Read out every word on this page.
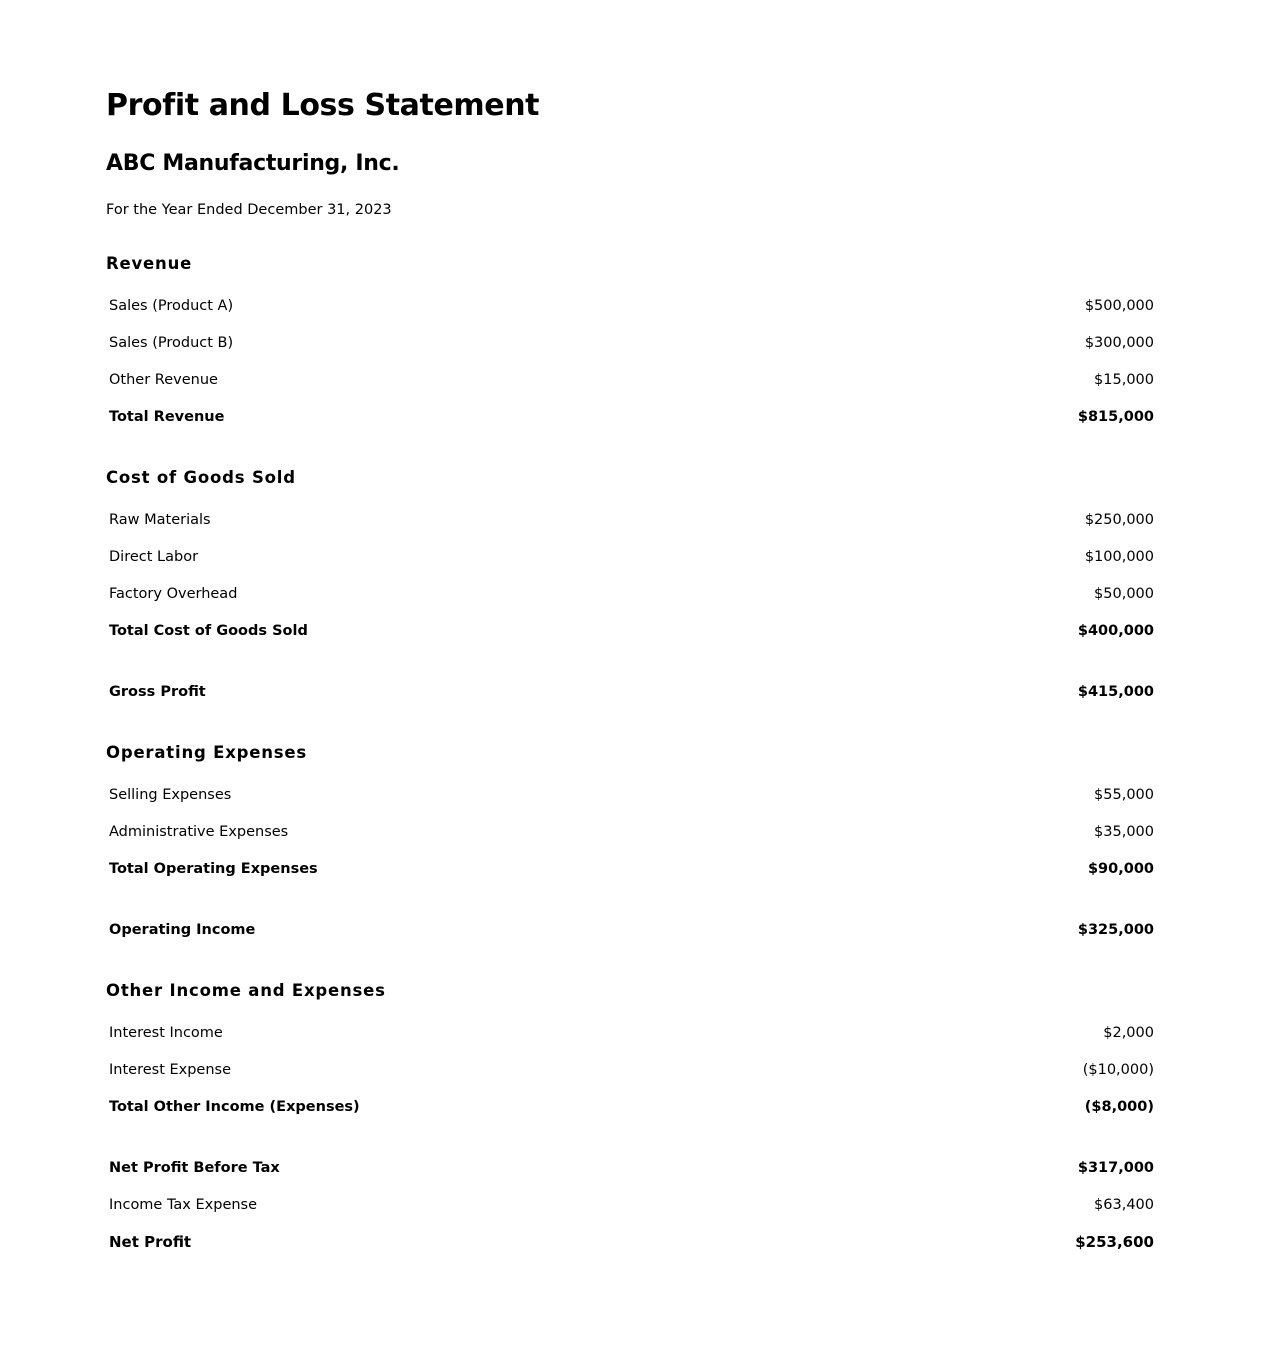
Profit and Loss Statement
ABC Manufacturing, Inc.

For the Year Ended December 31, 2023

Revenue
Sales (Product A)	$500,000
Sales (Product B)	$300,000
Other Revenue	$15,000
Total Revenue	$815,000
Cost of Goods Sold
Raw Materials	$250,000
Direct Labor	$100,000
Factory Overhead	$50,000
Total Cost of Goods Sold	$400,000
Gross Profit	$415,000
Operating Expenses
Selling Expenses	$55,000
Administrative Expenses	$35,000
Total Operating Expenses	$90,000
Operating Income	$325,000
Other Income and Expenses
Interest Income	$2,000
Interest Expense	($10,000)
Total Other Income (Expenses)	($8,000)
Net Profit Before Tax	$317,000
Income Tax Expense	$63,400
Net Profit	$253,600
